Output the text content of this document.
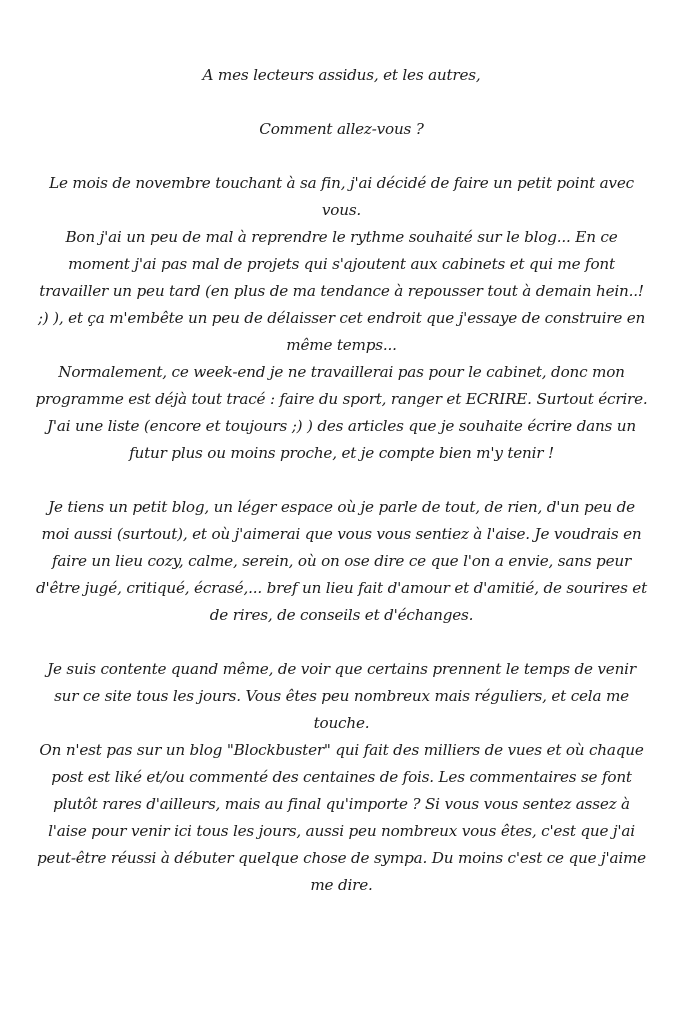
A mes lecteurs assidus, et les autres,

Comment allez-vous ?

Le mois de novembre touchant à sa fin, j'ai décidé de faire un petit point avec vous.

Bon j'ai un peu de mal à reprendre le rythme souhaité sur le blog... En ce moment j'ai pas mal de projets qui s'ajoutent aux cabinets et qui me font travailler un peu tard (en plus de ma tendance à repousser tout à demain hein..! ;) ), et ça m'embête un peu de délaisser cet endroit que j'essaye de construire en même temps...

Normalement, ce week-end je ne travaillerai pas pour le cabinet, donc mon programme est déjà tout tracé : faire du sport, ranger et ECRIRE. Surtout écrire. J'ai une liste (encore et toujours ;) ) des articles que je souhaite écrire dans un futur plus ou moins proche, et je compte bien m'y tenir !

Je tiens un petit blog, un léger espace où je parle de tout, de rien, d'un peu de moi aussi (surtout), et où j'aimerai que vous vous sentiez à l'aise. Je voudrais en faire un lieu cozy, calme, serein, où on ose dire ce que l'on a envie, sans peur d'être jugé, critiqué, écrasé,... bref un lieu fait d'amour et d'amitié, de sourires et de rires, de conseils et d'échanges.

Je suis contente quand même, de voir que certains prennent le temps de venir sur ce site tous les jours. Vous êtes peu nombreux mais réguliers, et cela me touche.

On n'est pas sur un blog "Blockbuster" qui fait des milliers de vues et où chaque post est liké et/ou commenté des centaines de fois. Les commentaires se font plutôt rares d'ailleurs, mais au final qu'importe ? Si vous vous sentez assez à l'aise pour venir ici tous les jours, aussi peu nombreux vous êtes, c'est que j'ai peut-être réussi à débuter quelque chose de sympa. Du moins c'est ce que j'aime me dire.
